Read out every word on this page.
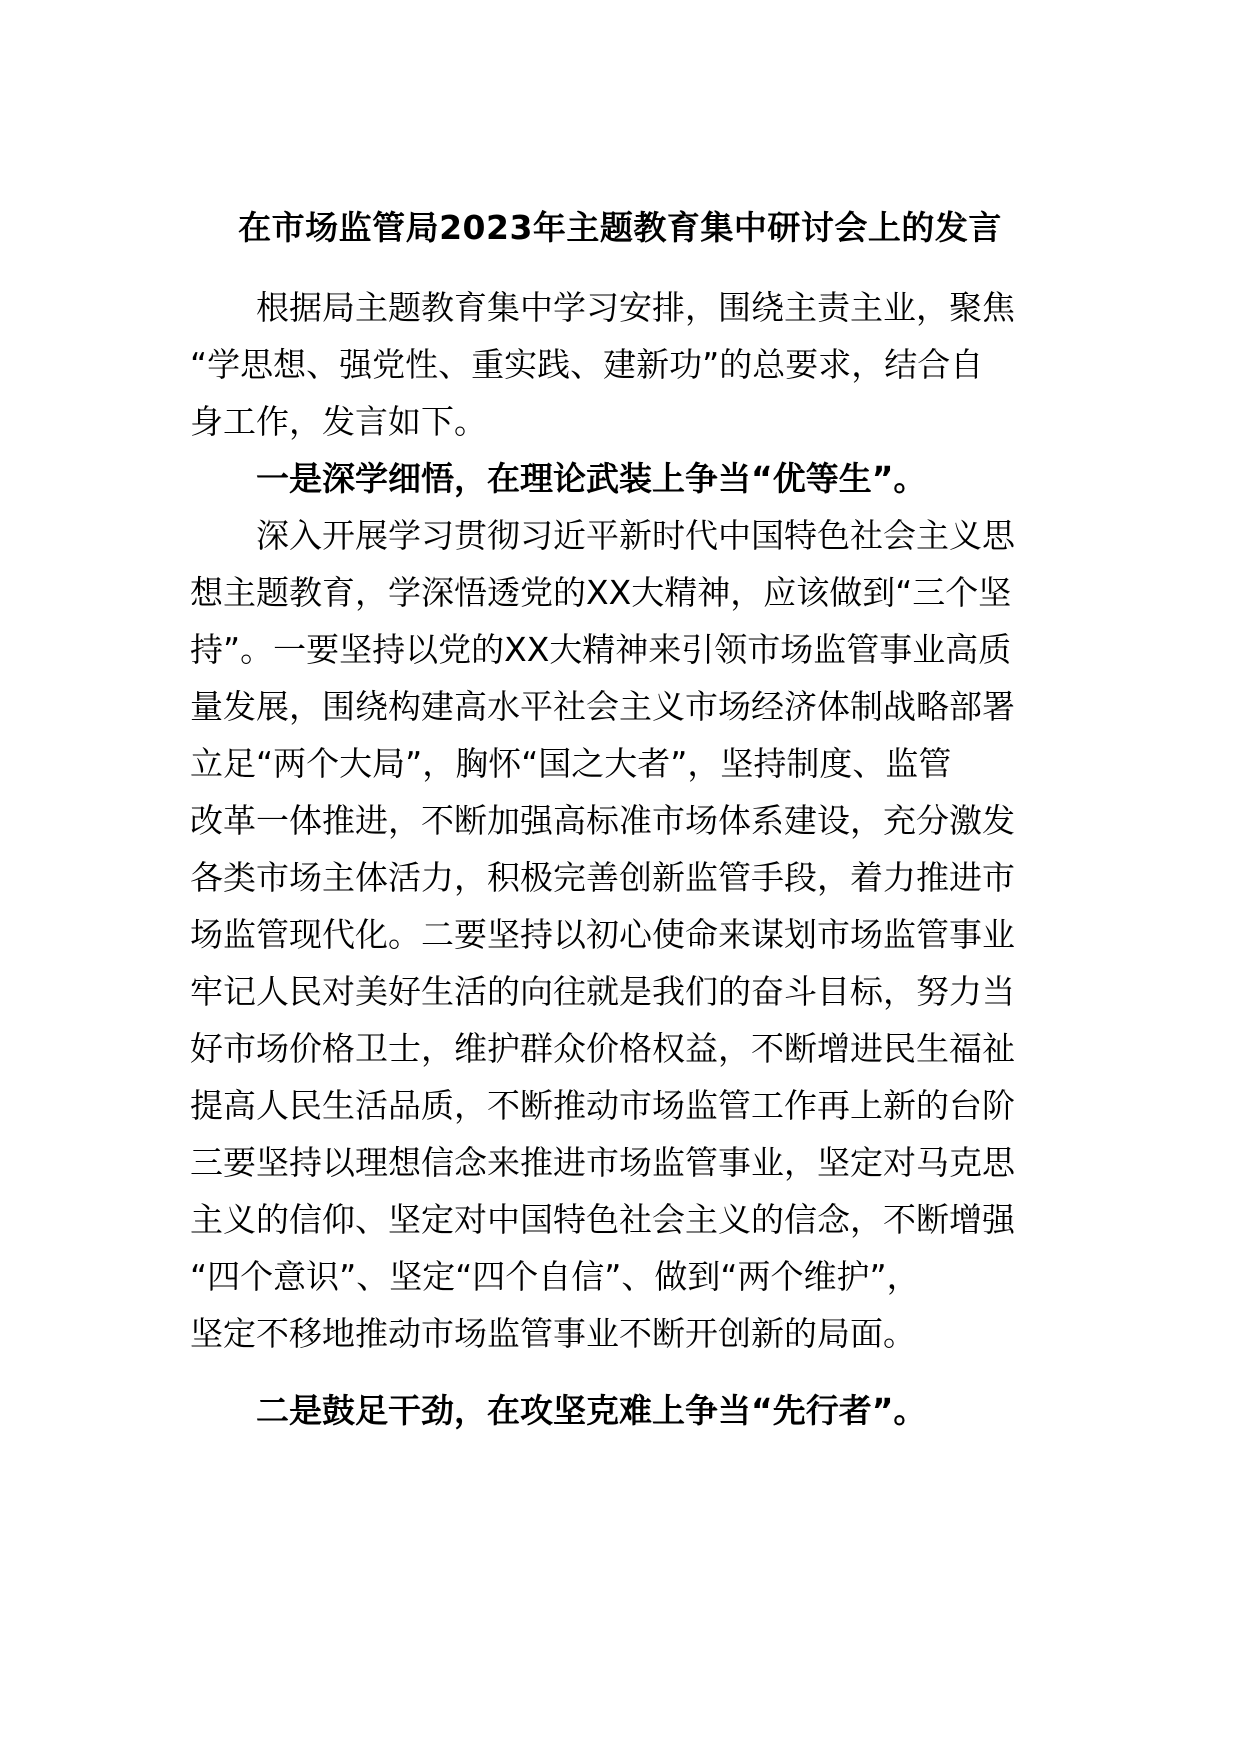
在市场监管局2023年主题教育集中研讨会上的发言

根据局主题教育集中学习安排，围绕主责主业，聚焦

“学思想、强党性、重实践、建新功”的总要求，结合自

身工作，发言如下。

一是深学细悟，在理论武装上争当“优等生”。

深入开展学习贯彻习近平新时代中国特色社会主义思

想主题教育，学深悟透党的XX大精神，应该做到“三个坚

持”。一要坚持以党的XX大精神来引领市场监管事业高质

量发展，围绕构建高水平社会主义市场经济体制战略部署

立足“两个大局”，胸怀“国之大者”，坚持制度、监管

改革一体推进，不断加强高标准市场体系建设，充分激发

各类市场主体活力，积极完善创新监管手段，着力推进市

场监管现代化。二要坚持以初心使命来谋划市场监管事业

牢记人民对美好生活的向往就是我们的奋斗目标，努力当

好市场价格卫士，维护群众价格权益，不断增进民生福祉

提高人民生活品质，不断推动市场监管工作再上新的台阶

三要坚持以理想信念来推进市场监管事业，坚定对马克思

主义的信仰、坚定对中国特色社会主义的信念，不断增强

“四个意识”、坚定“四个自信”、做到“两个维护”，

坚定不移地推动市场监管事业不断开创新的局面。

二是鼓足干劲，在攻坚克难上争当“先行者”。
